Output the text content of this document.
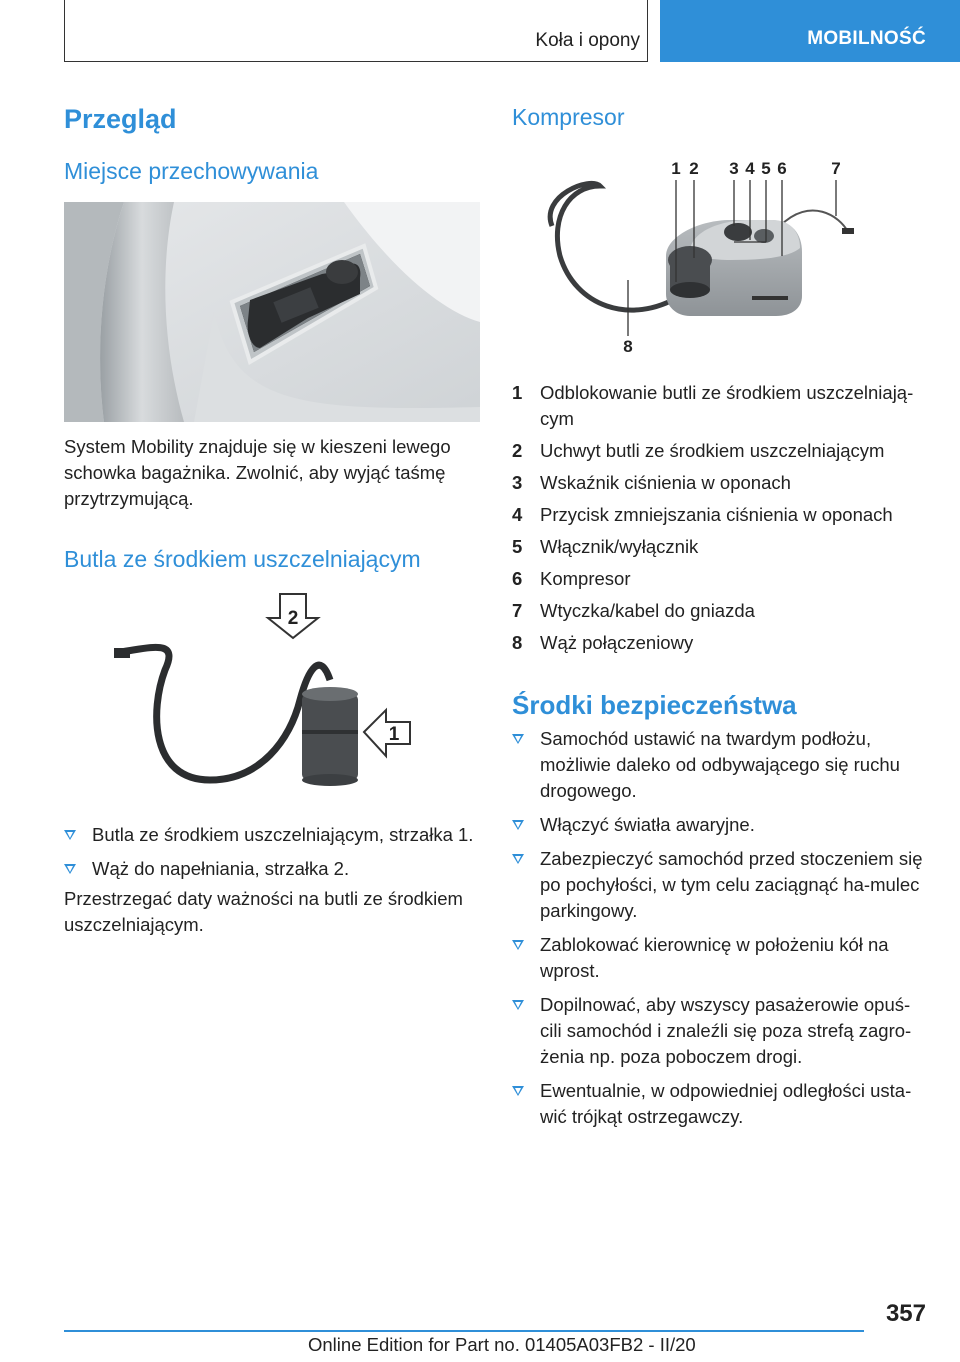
Koła i opony	MOBILNOŚĆ
Przegląd
Miejsce przechowywania
System Mobility znajduje się w kieszeni lewego schowka bagażnika. Zwolnić, aby wyjąć taśmę przytrzymującą.
Butla ze środkiem uszczelniającym
2
1
Butla ze środkiem uszczelniającym, strzałka 1.
Wąż do napełniania, strzałka 2.
Przestrzegać daty ważności na butli ze środkiem uszczelniającym.
Kompresor
1 2 3 4 5 6	7
8
1 Odblokowanie butli ze środkiem uszczelniają-cym
2 Uchwyt butli ze środkiem uszczelniającym
3 Wskaźnik ciśnienia w oponach
4 Przycisk zmniejszania ciśnienia w oponach
5 Włącznik/wyłącznik
6 Kompresor
7 Wtyczka/kabel do gniazda
8 Wąż połączeniowy
Środki bezpieczeństwa
Samochód ustawić na twardym podłożu, możliwie daleko od odbywającego się ruchu drogowego.
Włączyć światła awaryjne.
Zabezpieczyć samochód przed stoczeniem się po pochyłości, w tym celu zaciągnąć ha-mulec parkingowy.
Zablokować kierownicę w położeniu kół na wprost.
Dopilnować, aby wszyscy pasażerowie opuś-cili samochód i znaleźli się poza strefą zagro-żenia np. poza poboczem drogi.
Ewentualnie, w odpowiedniej odległości usta-wić trójkąt ostrzegawczy.
357
Online Edition for Part no. 01405A03FB2 - II/20
